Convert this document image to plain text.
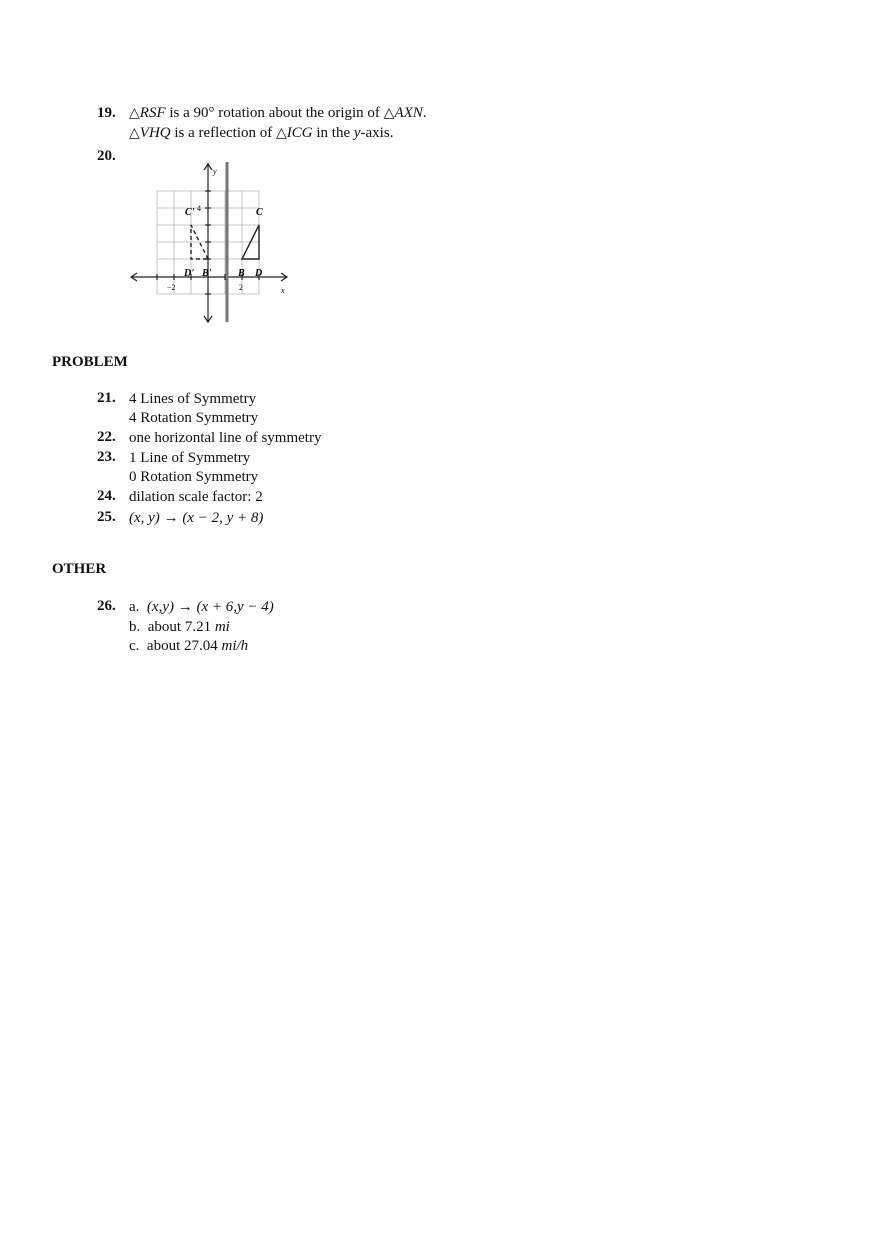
19. △RSF is a 90° rotation about the origin of △AXN.
△VHQ is a reflection of △ICG in the y-axis.
20.
C' 4	C
D' B'	B D
−2	2	x
y
PROBLEM
21. 4 Lines of Symmetry
4 Rotation Symmetry
22. one horizontal line of symmetry
23. 1 Line of Symmetry
0 Rotation Symmetry
24. dilation scale factor: 2
25. (x, y) → (x − 2, y + 8)
OTHER
26. a. (x,y) → (x + 6,y − 4)
b. about 7.21 mi
c. about 27.04 mi/h
